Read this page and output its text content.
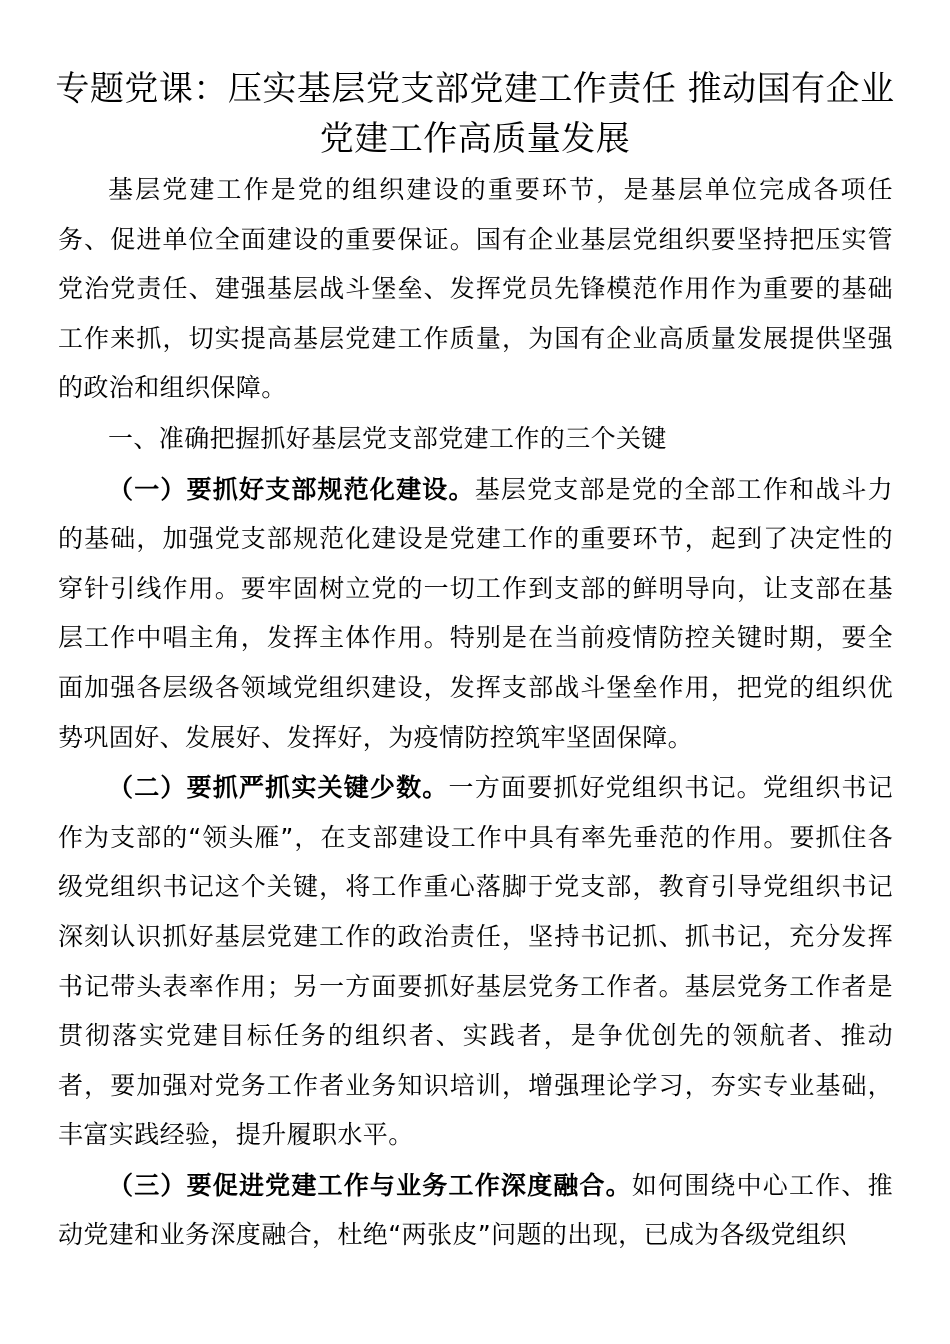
专题党课：压实基层党支部党建工作责任 推动国有企业党建工作高质量发展

基层党建工作是党的组织建设的重要环节，是基层单位完成各项任务、促进单位全面建设的重要保证。国有企业基层党组织要坚持把压实管党治党责任、建强基层战斗堡垒、发挥党员先锋模范作用作为重要的基础工作来抓，切实提高基层党建工作质量，为国有企业高质量发展提供坚强的政治和组织保障。

一、准确把握抓好基层党支部党建工作的三个关键

（一）要抓好支部规范化建设。基层党支部是党的全部工作和战斗力的基础，加强党支部规范化建设是党建工作的重要环节，起到了决定性的穿针引线作用。要牢固树立党的一切工作到支部的鲜明导向，让支部在基层工作中唱主角，发挥主体作用。特别是在当前疫情防控关键时期，要全面加强各层级各领域党组织建设，发挥支部战斗堡垒作用，把党的组织优势巩固好、发展好、发挥好，为疫情防控筑牢坚固保障。

（二）要抓严抓实关键少数。一方面要抓好党组织书记。党组织书记作为支部的“领头雁”，在支部建设工作中具有率先垂范的作用。要抓住各级党组织书记这个关键，将工作重心落脚于党支部，教育引导党组织书记深刻认识抓好基层党建工作的政治责任，坚持书记抓、抓书记，充分发挥书记带头表率作用；另一方面要抓好基层党务工作者。基层党务工作者是贯彻落实党建目标任务的组织者、实践者，是争优创先的领航者、推动者，要加强对党务工作者业务知识培训，增强理论学习，夯实专业基础，丰富实践经验，提升履职水平。

（三）要促进党建工作与业务工作深度融合。如何围绕中心工作、推动党建和业务深度融合，杜绝“两张皮”问题的出现，已成为各级党组织
